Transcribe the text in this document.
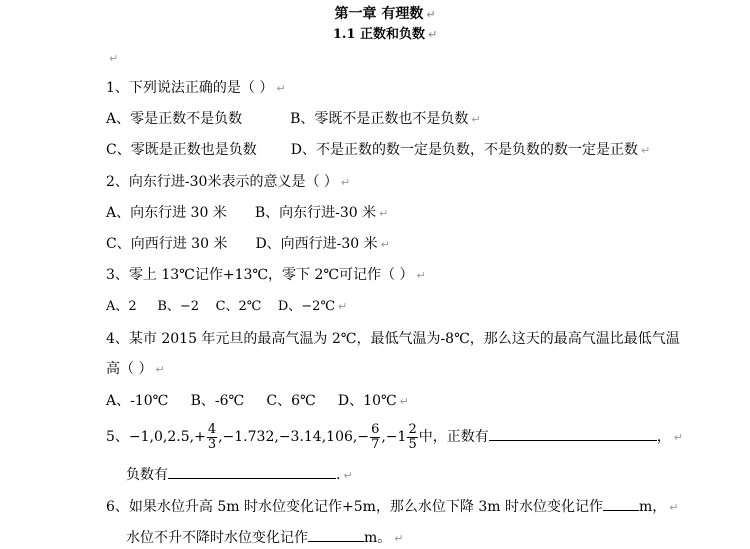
第一章 有理数 ↵
1.1 正数和负数 ↵
↵
1、下列说法正确的是（ ） ↵
A、零是正数不是负数	B、零既不是正数也不是负数 ↵
C、零既是正数也是负数 D、不是正数的数一定是负数，不是负数的数一定是正数 ↵
2、向东行进-30米表示的意义是（ ） ↵
A、向东行进 30 米 B、向东行进-30 米 ↵
C、向西行进 30 米 D、向西行进-30 米 ↵
3、零上 13℃记作+13℃，零下 2℃可记作（ ） ↵
A、2     B、−2    C、2℃    D、−2℃ ↵
4、某市 2015 年元旦的最高气温为 2℃，最低气温为-8℃，那么这天的最高气温比最低气温
高（ ） ↵
A、-10℃     B、-6℃     C、6℃     D、10℃ ↵
5、$-1,0,2.5,+ \frac{4}{3} ,-1.732,-3.14,106,- \frac{6}{7} ,-1 \frac{2}{5}$ 中，正数有	， ↵
负数有	. ↵
6、如果水位升高 5m 时水位变化记作+5m，那么水位下降 3m 时水位变化记作	m， ↵
水位不升不降时水位变化记作	m。 ↵
